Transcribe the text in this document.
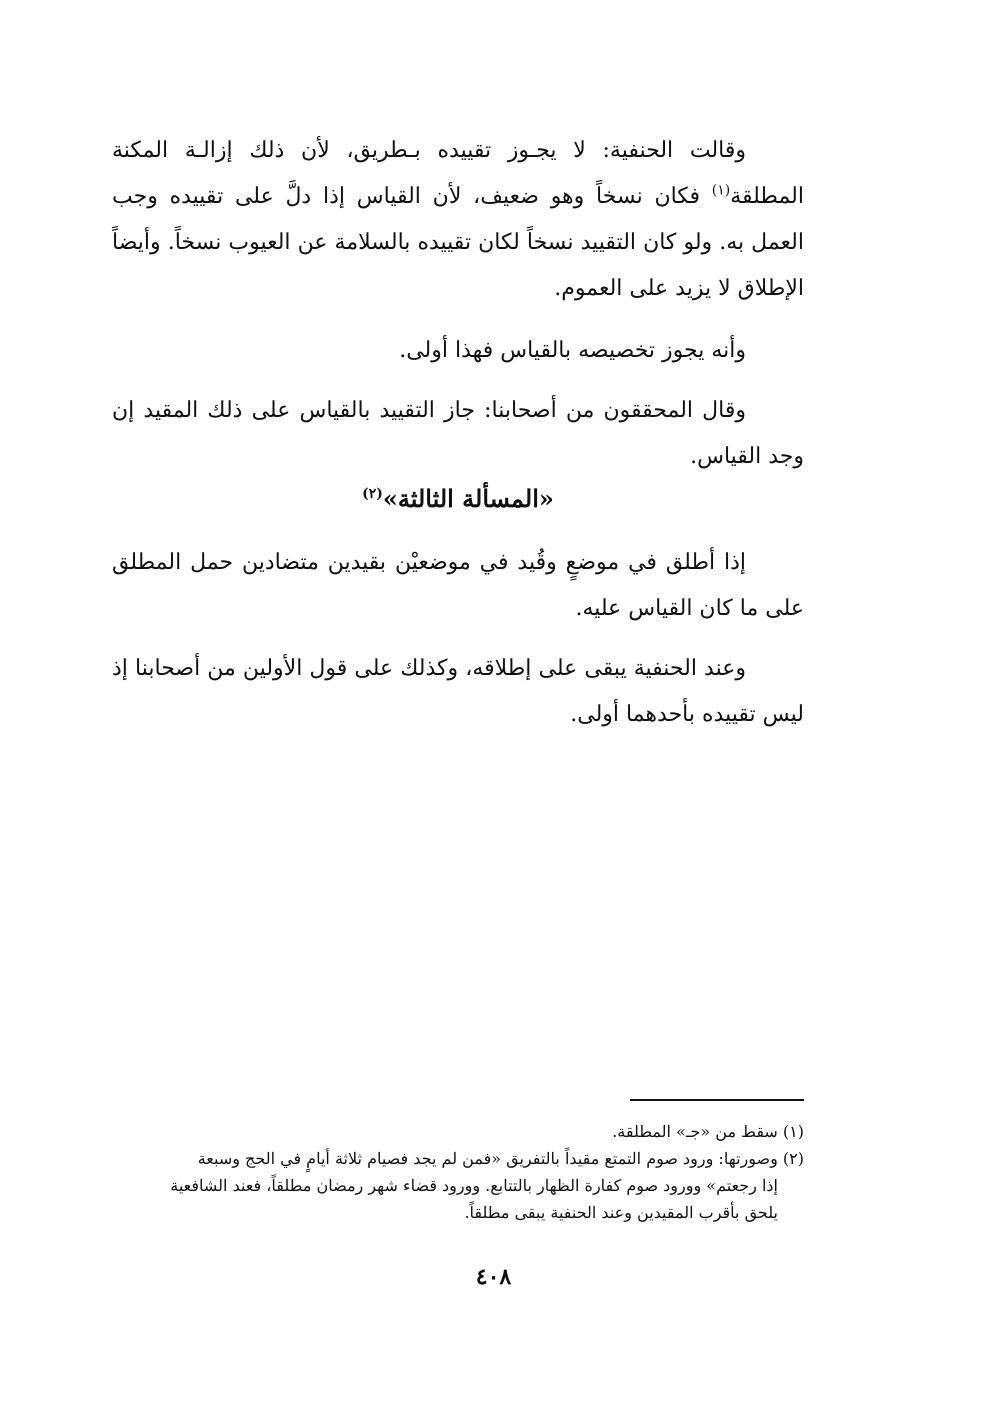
وقالت الحنفية: لا يجـوز تقييده بـطريق، لأن ذلك إزالـة المكنة المطلقة$^{(١)}$ فكان نسخاً وهو ضعيف، لأن القياس إذا دلَّ على تقييده وجب العمل به. ولو كان التقييد نسخاً لكان تقييده بالسلامة عن العيوب نسخاً. وأيضاً الإطلاق لا يزيد على العموم.

وأنه يجوز تخصيصه بالقياس فهذا أولى.

وقال المحققون من أصحابنا: جاز التقييد بالقياس على ذلك المقيد إن وجد القياس.

«المسألة الثالثة»$^{(٢)}$

إذا أطلق في موضعٍ وقُيد في موضعيْن بقيدين متضادين حمل المطلق على ما كان القياس عليه.

وعند الحنفية يبقى على إطلاقه، وكذلك على قول الأولين من أصحابنا إذ ليس تقييده بأحدهما أولى.

(١) سقط من «جـ» المطلقة.

(٢) وصورتها: ورود صوم التمتع مقيداً بالتفريق «فمن لم يجد فصيام ثلاثة أيامٍ في الحج وسبعة

إذا رجعتم» وورود صوم كفارة الظهار بالتتابع. وورود قضاء شهر رمضان مطلقاً، فعند الشافعية

يلحق بأقرب المقيدين وعند الحنفية يبقى مطلقاً.

٤٠٨
